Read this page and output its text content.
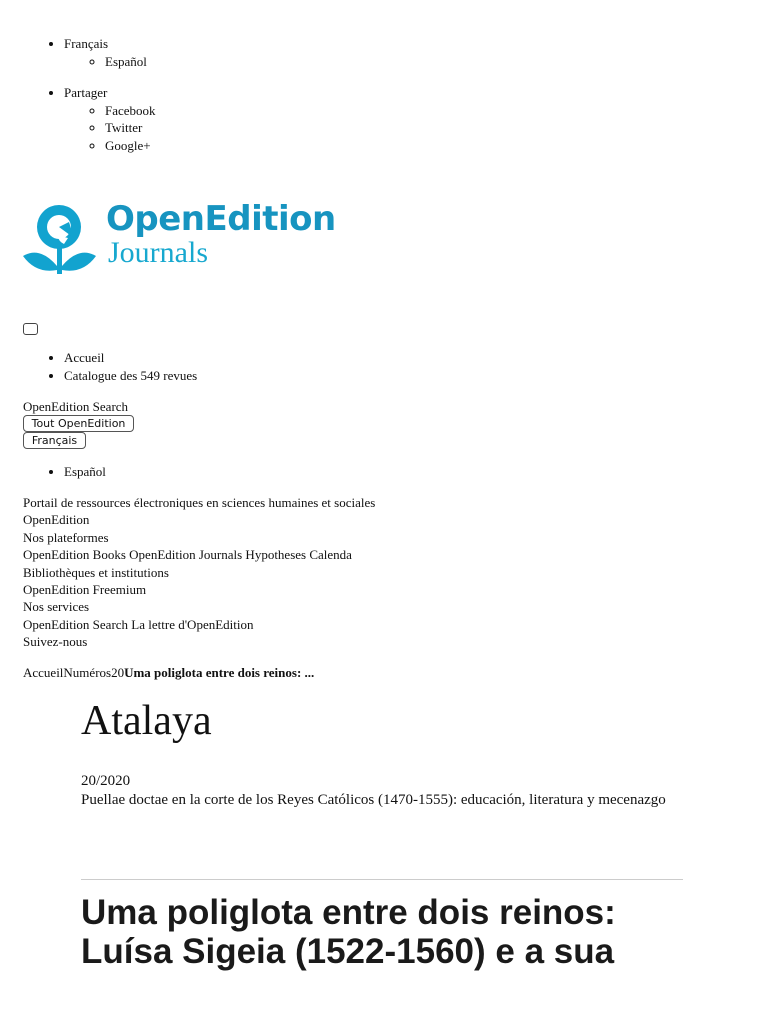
• Français
◦ Español
• Partager
◦ Facebook
◦ Twitter
◦ Google+
OpenEdition
Journals
• Accueil
• Catalogue des 549 revues
OpenEdition Search
Tout OpenEdition
Français
• Español
Portail de ressources électroniques en sciences humaines et sociales
OpenEdition
Nos plateformes
OpenEdition Books OpenEdition Journals Hypotheses Calenda
Bibliothèques et institutions
OpenEdition Freemium
Nos services
OpenEdition Search La lettre d'OpenEdition
Suivez-nous
AccueilNuméros20Uma poliglota entre dois reinos: ...
Atalaya
20/2020
Puellae doctae en la corte de los Reyes Católicos (1470-1555): educación, literatura y mecenazgo
Uma poliglota entre dois reinos: Luísa Sigeia (1522-1560) e a sua
